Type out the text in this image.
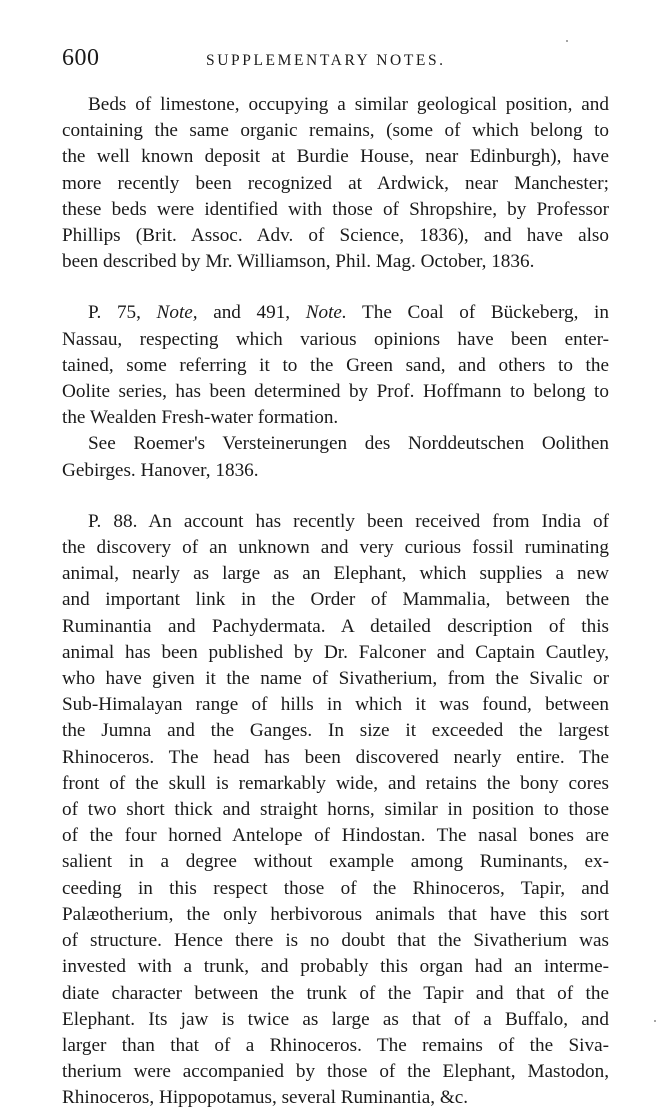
600	SUPPLEMENTARY NOTES.
Beds of limestone, occupying a similar geological position, and
containing the same organic remains, (some of which belong to
the well known deposit at Burdie House, near Edinburgh), have
more recently been recognized at Ardwick, near Manchester;
these beds were identified with those of Shropshire, by Professor
Phillips (Brit. Assoc. Adv. of Science, 1836), and have also
been described by Mr. Williamson, Phil. Mag. October, 1836.
P. 75, Note, and 491, Note. The Coal of Bückeberg, in
Nassau, respecting which various opinions have been enter-
tained, some referring it to the Green sand, and others to the
Oolite series, has been determined by Prof. Hoffmann to belong to
the Wealden Fresh-water formation.
See Roemer's Versteinerungen des Norddeutschen Oolithen
Gebirges. Hanover, 1836.
P. 88. An account has recently been received from India of
the discovery of an unknown and very curious fossil ruminating
animal, nearly as large as an Elephant, which supplies a new
and important link in the Order of Mammalia, between the
Ruminantia and Pachydermata. A detailed description of this
animal has been published by Dr. Falconer and Captain Cautley,
who have given it the name of Sivatherium, from the Sivalic or
Sub-Himalayan range of hills in which it was found, between
the Jumna and the Ganges. In size it exceeded the largest
Rhinoceros. The head has been discovered nearly entire. The
front of the skull is remarkably wide, and retains the bony cores
of two short thick and straight horns, similar in position to those
of the four horned Antelope of Hindostan. The nasal bones are
salient in a degree without example among Ruminants, ex-
ceeding in this respect those of the Rhinoceros, Tapir, and
Palæotherium, the only herbivorous animals that have this sort
of structure. Hence there is no doubt that the Sivatherium was
invested with a trunk, and probably this organ had an interme-
diate character between the trunk of the Tapir and that of the
Elephant. Its jaw is twice as large as that of a Buffalo, and
larger than that of a Rhinoceros. The remains of the Siva-
therium were accompanied by those of the Elephant, Mastodon,
Rhinoceros, Hippopotamus, several Ruminantia, &c.
